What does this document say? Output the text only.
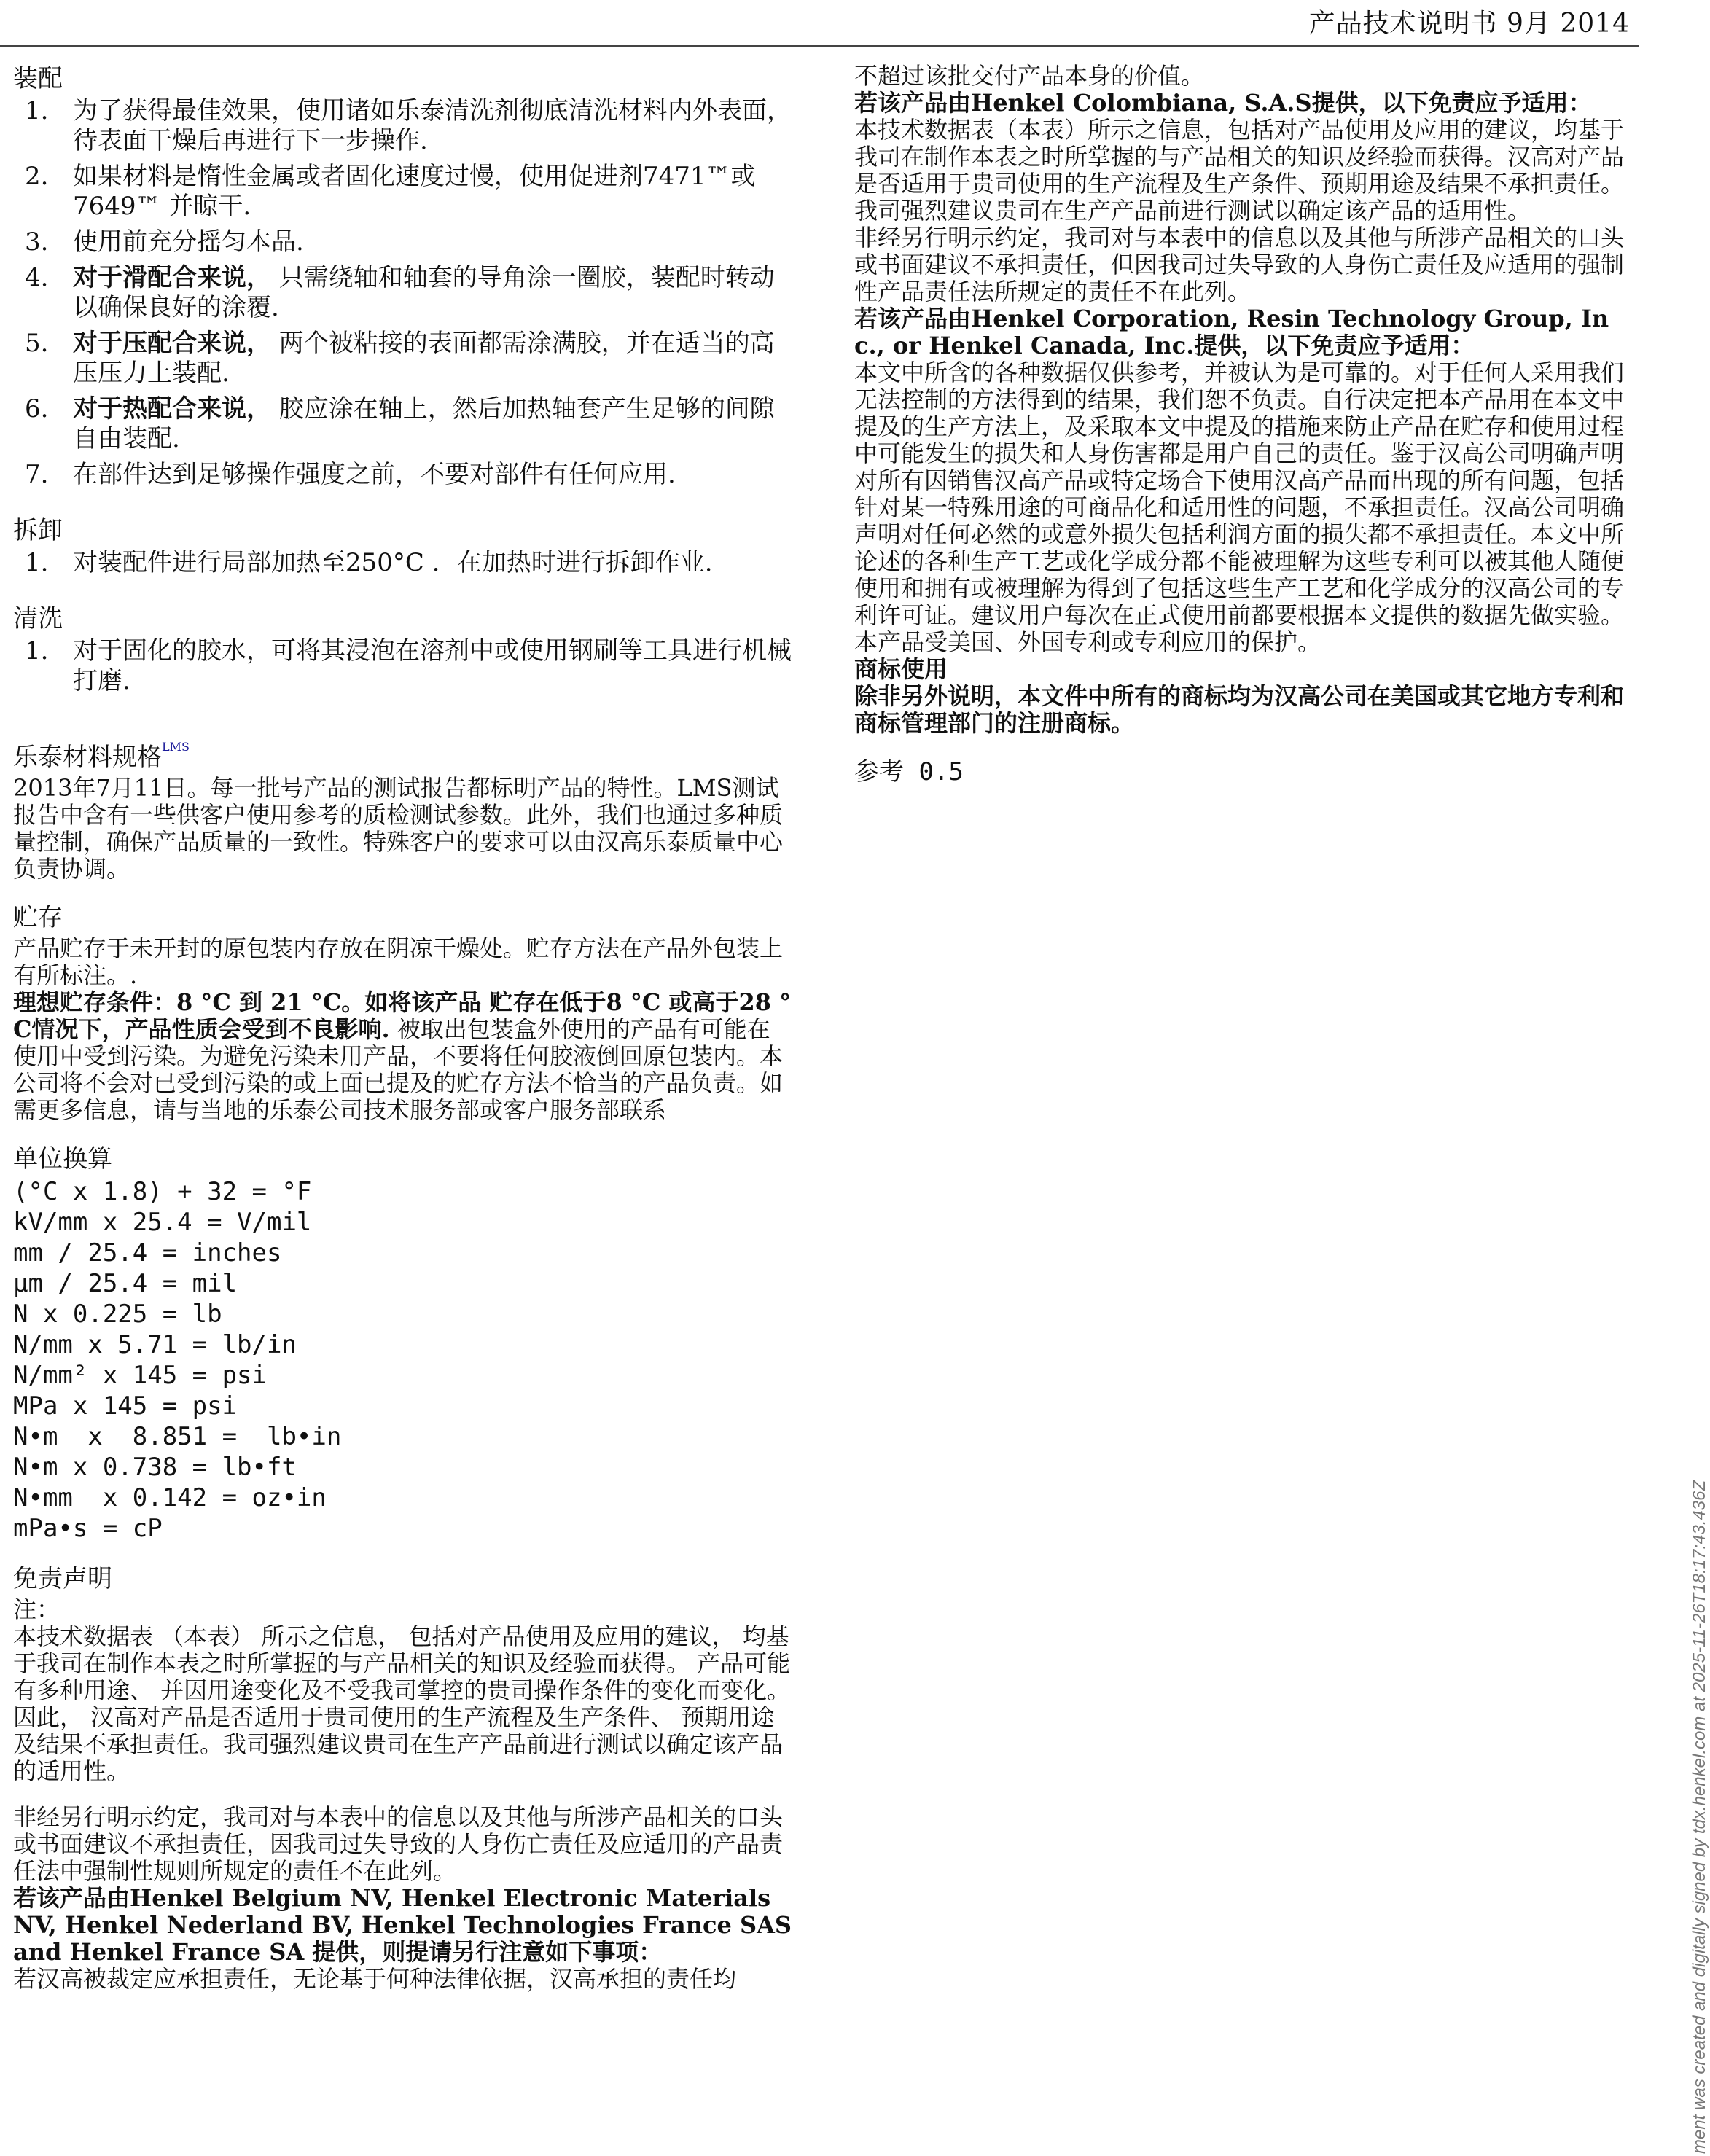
产品技术说明书 9月 2014
装配
1. 为了获得最佳效果，使用诸如乐泰清洗剂彻底清洗材料内外表面，待表面干燥后再进行下一步操作.
2. 如果材料是惰性金属或者固化速度过慢，使用促进剂7471™或7649™ 并晾干.
3. 使用前充分摇匀本品.
4. 对于滑配合来说， 只需绕轴和轴套的导角涂一圈胶，装配时转动以确保良好的涂覆.
5. 对于压配合来说， 两个被粘接的表面都需涂满胶，并在适当的高压压力上装配.
6. 对于热配合来说， 胶应涂在轴上，然后加热轴套产生足够的间隙自由装配.
7. 在部件达到足够操作强度之前，不要对部件有任何应用.
拆卸
1. 对装配件进行局部加热至250°C ．在加热时进行拆卸作业.
清洗
1. 对于固化的胶水，可将其浸泡在溶剂中或使用钢刷等工具进行机械打磨.
乐泰材料规格$^{LMS}$
2013年7月11日。每一批号产品的测试报告都标明产品的特性。LMS测试报告中含有一些供客户使用参考的质检测试参数。此外，我们也通过多种质量控制，确保产品质量的一致性。特殊客户的要求可以由汉高乐泰质量中心负责协调。
贮存
产品贮存于未开封的原包装内存放在阴凉干燥处。贮存方法在产品外包装上有所标注。.
理想贮存条件：8 °C 到 21 °C。如将该产品 贮存在低于8 °C 或高于28 °C情况下，产品性质会受到不良影响. 被取出包装盒外使用的产品有可能在使用中受到污染。为避免污染未用产品，不要将任何胶液倒回原包装内。本公司将不会对已受到污染的或上面已提及的贮存方法不恰当的产品负责。如需更多信息，请与当地的乐泰公司技术服务部或客户服务部联系
单位换算
(°C x 1.8) + 32 = °F
kV/mm x 25.4 = V/mil
mm / 25.4 = inches
µm / 25.4 = mil
N x 0.225 = lb
N/mm x 5.71 = lb/in
N/mm² x 145 = psi
MPa x 145 = psi
N•m  x  8.851 =  lb•in
N•m x 0.738 = lb•ft
N•mm  x 0.142 = oz•in
mPa•s = cP
免责声明
注：
本技术数据表 （本表） 所示之信息， 包括对产品使用及应用的建议， 均基于我司在制作本表之时所掌握的与产品相关的知识及经验而获得。 产品可能有多种用途、 并因用途变化及不受我司掌控的贵司操作条件的变化而变化。 因此， 汉高对产品是否适用于贵司使用的生产流程及生产条件、 预期用途及结果不承担责任。我司强烈建议贵司在生产产品前进行测试以确定该产品的适用性。
非经另行明示约定，我司对与本表中的信息以及其他与所涉产品相关的口头或书面建议不承担责任，因我司过失导致的人身伤亡责任及应适用的产品责任法中强制性规则所规定的责任不在此列。
若该产品由Henkel Belgium NV, Henkel Electronic Materials NV, Henkel Nederland BV, Henkel Technologies France SAS and Henkel France SA 提供，则提请另行注意如下事项：
若汉高被裁定应承担责任，无论基于何种法律依据，汉高承担的责任均
不超过该批交付产品本身的价值。
若该产品由Henkel Colombiana, S.A.S提供，以下免责应予适用：
本技术数据表（本表）所示之信息，包括对产品使用及应用的建议，均基于我司在制作本表之时所掌握的与产品相关的知识及经验而获得。汉高对产品是否适用于贵司使用的生产流程及生产条件、预期用途及结果不承担责任。我司强烈建议贵司在生产产品前进行测试以确定该产品的适用性。
非经另行明示约定，我司对与本表中的信息以及其他与所涉产品相关的口头或书面建议不承担责任，但因我司过失导致的人身伤亡责任及应适用的强制性产品责任法所规定的责任不在此列。
若该产品由Henkel Corporation, Resin Technology Group, Inc., or Henkel Canada, Inc.提供，以下免责应予适用：
本文中所含的各种数据仅供参考，并被认为是可靠的。对于任何人采用我们无法控制的方法得到的结果，我们恕不负责。自行决定把本产品用在本文中提及的生产方法上，及采取本文中提及的措施来防止产品在贮存和使用过程中可能发生的损失和人身伤害都是用户自己的责任。鉴于汉高公司明确声明对所有因销售汉高产品或特定场合下使用汉高产品而出现的所有问题，包括针对某一特殊用途的可商品化和适用性的问题，不承担责任。汉高公司明确声明对任何必然的或意外损失包括利润方面的损失都不承担责任。本文中所论述的各种生产工艺或化学成分都不能被理解为这些专利可以被其他人随便使用和拥有或被理解为得到了包括这些生产工艺和化学成分的汉高公司的专利许可证。建议用户每次在正式使用前都要根据本文提供的数据先做实验。本产品受美国、外国专利或专利应用的保护。
商标使用
除非另外说明，本文件中所有的商标均为汉高公司在美国或其它地方专利和商标管理部门的注册商标。
参考 0.5
ment was created and digitally signed by tdx.henkel.com at 2025-11-26T18:17:43.436Z
